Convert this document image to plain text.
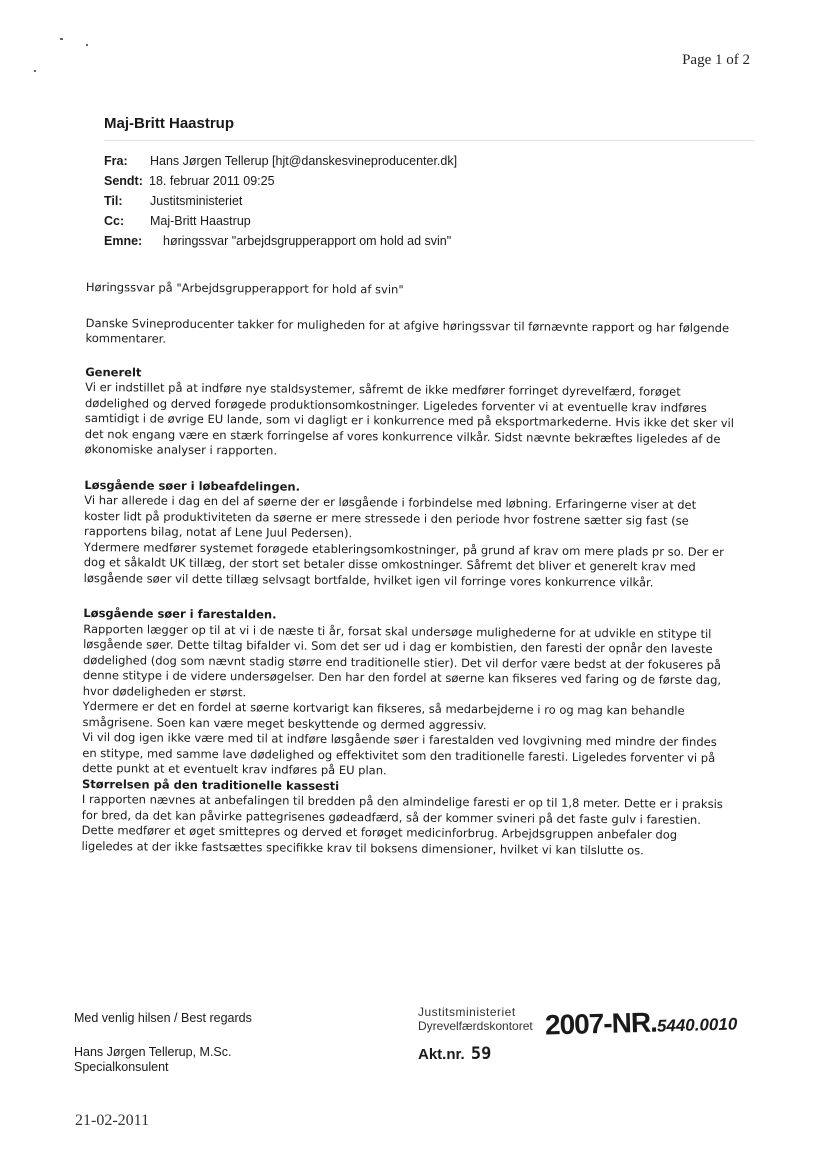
Page 1 of 2
Maj-Britt Haastrup
Fra: Hans Jørgen Tellerup [hjt@danskesvineproducenter.dk]
Sendt: 18. februar 2011 09:25
Til: Justitsministeriet
Cc: Maj-Britt Haastrup
Emne: høringssvar "arbejdsgrupperapport om hold ad svin"

Høringssvar på "Arbejdsgrupperapport for hold af svin"

Danske Svineproducenter takker for muligheden for at afgive høringssvar til førnævnte rapport og har følgende kommentarer.

Generelt

Vi er indstillet på at indføre nye staldsystemer, såfremt de ikke medfører forringet dyrevelfærd, forøget dødelighed og derved forøgede produktionsomkostninger. Ligeledes forventer vi at eventuelle krav indføres samtidigt i de øvrige EU lande, som vi dagligt er i konkurrence med på eksportmarkederne. Hvis ikke det sker vil det nok engang være en stærk forringelse af vores konkurrence vilkår. Sidst nævnte bekræftes ligeledes af de økonomiske analyser i rapporten.

Løsgående søer i løbeafdelingen.

Vi har allerede i dag en del af søerne der er løsgående i forbindelse med løbning. Erfaringerne viser at det koster lidt på produktiviteten da søerne er mere stressede i den periode hvor fostrene sætter sig fast (se rapportens bilag, notat af Lene Juul Pedersen).

Ydermere medfører systemet forøgede etableringsomkostninger, på grund af krav om mere plads pr so. Der er dog et såkaldt UK tillæg, der stort set betaler disse omkostninger. Såfremt det bliver et generelt krav med løsgående søer vil dette tillæg selvsagt bortfalde, hvilket igen vil forringe vores konkurrence vilkår.

Løsgående søer i farestalden.

Rapporten lægger op til at vi i de næste ti år, forsat skal undersøge mulighederne for at udvikle en stitype til løsgående søer. Dette tiltag bifalder vi. Som det ser ud i dag er kombistien, den faresti der opnår den laveste dødelighed (dog som nævnt stadig større end traditionelle stier). Det vil derfor være bedst at der fokuseres på denne stitype i de videre undersøgelser. Den har den fordel at søerne kan fikseres ved faring og de første dag, hvor dødeligheden er størst.

Ydermere er det en fordel at søerne kortvarigt kan fikseres, så medarbejderne i ro og mag kan behandle smågrisene. Soen kan være meget beskyttende og dermed aggressiv.

Vi vil dog igen ikke være med til at indføre løsgående søer i farestalden ved lovgivning med mindre der findes en stitype, med samme lave dødelighed og effektivitet som den traditionelle faresti. Ligeledes forventer vi på dette punkt at et eventuelt krav indføres på EU plan.

Størrelsen på den traditionelle kassesti

I rapporten nævnes at anbefalingen til bredden på den almindelige faresti er op til 1,8 meter. Dette er i praksis for bred, da det kan påvirke pattegrisenes gødeadfærd, så der kommer svineri på det faste gulv i farestien. Dette medfører et øget smittepres og derved et forøget medicinforbrug. Arbejdsgruppen anbefaler dog ligeledes at der ikke fastsættes specifikke krav til boksens dimensioner, hvilket vi kan tilslutte os.

Med venlig hilsen / Best regards
Hans Jørgen Tellerup, M.Sc.
Specialkonsulent
Justitsministeriet
Dyrevelfærdskontoret
Akt.nr. 59
2007-NR.5440.0010
21-02-2011
